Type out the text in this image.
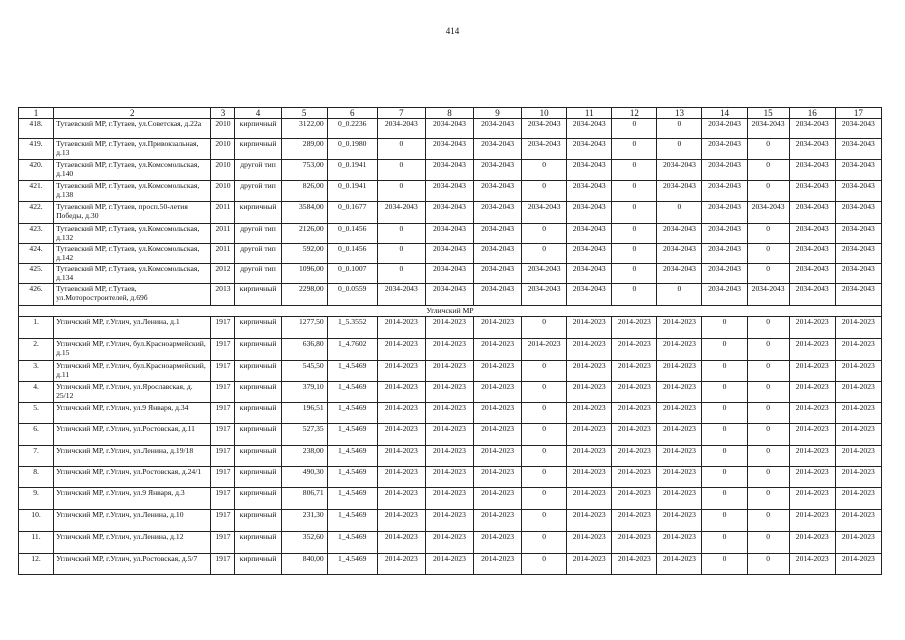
414
1	2	3	4	5	6	7	8	9	10	11	12	13	14	15	16	17
418.	Тутаевский МР, г.Тутаев, ул.Советская, д.22а	2010	кирпичный	3122,00	0_0.2236	2034-2043	2034-2043	2034-2043	2034-2043	2034-2043	0	0	2034-2043	2034-2043	2034-2043	2034-2043
419.	Тутаевский МР, г.Тутаев, ул.Привокзальная, д.13	2010	кирпичный	289,00	0_0.1980	0	2034-2043	2034-2043	2034-2043	2034-2043	0	0	2034-2043	0	2034-2043	2034-2043
420.	Тутаевский МР, г.Тутаев, ул.Комсомольская, д.140	2010	другой тип	753,00	0_0.1941	0	2034-2043	2034-2043	0	2034-2043	0	2034-2043	2034-2043	0	2034-2043	2034-2043
421.	Тутаевский МР, г.Тутаев, ул.Комсомольская, д.138	2010	другой тип	826,00	0_0.1941	0	2034-2043	2034-2043	0	2034-2043	0	2034-2043	2034-2043	0	2034-2043	2034-2043
422.	Тутаевский МР, г.Тутаев, просп.50-летия Победы, д.30	2011	кирпичный	3584,00	0_0.1677	2034-2043	2034-2043	2034-2043	2034-2043	2034-2043	0	0	2034-2043	2034-2043	2034-2043	2034-2043
423.	Тутаевский МР, г.Тутаев, ул.Комсомольская, д.132	2011	другой тип	2126,00	0_0.1456	0	2034-2043	2034-2043	0	2034-2043	0	2034-2043	2034-2043	0	2034-2043	2034-2043
424.	Тутаевский МР, г.Тутаев, ул.Комсомольская, д.142	2011	другой тип	592,00	0_0.1456	0	2034-2043	2034-2043	0	2034-2043	0	2034-2043	2034-2043	0	2034-2043	2034-2043
425.	Тутаевский МР, г.Тутаев, ул.Комсомольская, д.134	2012	другой тип	1096,00	0_0.1007	0	2034-2043	2034-2043	2034-2043	2034-2043	0	2034-2043	2034-2043	0	2034-2043	2034-2043
426.	Тутаевский МР, г.Тутаев, ул.Моторостроителей, д.69б	2013	кирпичный	2298,00	0_0.0559	2034-2043	2034-2043	2034-2043	2034-2043	2034-2043	0	0	2034-2043	2034-2043	2034-2043	2034-2043
Угличский МР																
1.	Угличский МР, г.Углич, ул.Ленина, д.1	1917	кирпичный	1277,50	1_5.3552	2014-2023	2014-2023	2014-2023	0	2014-2023	2014-2023	2014-2023	0	0	2014-2023	2014-2023
2.	Угличский МР, г.Углич, бул.Красноармейский, д.15	1917	кирпичный	636,80	1_4.7602	2014-2023	2014-2023	2014-2023	2014-2023	2014-2023	2014-2023	2014-2023	0	0	2014-2023	2014-2023
3.	Угличский МР, г.Углич, бул.Красноармейский, д.11	1917	кирпичный	545,50	1_4.5469	2014-2023	2014-2023	2014-2023	0	2014-2023	2014-2023	2014-2023	0	0	2014-2023	2014-2023
4.	Угличский МР, г.Углич, ул.Ярославская, д. 25/12	1917	кирпичный	379,10	1_4.5469	2014-2023	2014-2023	2014-2023	0	2014-2023	2014-2023	2014-2023	0	0	2014-2023	2014-2023
5.	Угличский МР, г.Углич, ул.9 Января, д.34	1917	кирпичный	196,51	1_4.5469	2014-2023	2014-2023	2014-2023	0	2014-2023	2014-2023	2014-2023	0	0	2014-2023	2014-2023
6.	Угличский МР, г.Углич, ул.Ростовская, д.11	1917	кирпичный	527,35	1_4.5469	2014-2023	2014-2023	2014-2023	0	2014-2023	2014-2023	2014-2023	0	0	2014-2023	2014-2023
7.	Угличский МР, г.Углич, ул.Ленина, д.19/18	1917	кирпичный	238,00	1_4.5469	2014-2023	2014-2023	2014-2023	0	2014-2023	2014-2023	2014-2023	0	0	2014-2023	2014-2023
8.	Угличский МР, г.Углич, ул.Ростовская, д.24/1	1917	кирпичный	490,30	1_4.5469	2014-2023	2014-2023	2014-2023	0	2014-2023	2014-2023	2014-2023	0	0	2014-2023	2014-2023
9.	Угличский МР, г.Углич, ул.9 Января, д.3	1917	кирпичный	806,71	1_4.5469	2014-2023	2014-2023	2014-2023	0	2014-2023	2014-2023	2014-2023	0	0	2014-2023	2014-2023
10.	Угличский МР, г.Углич, ул.Ленина, д.10	1917	кирпичный	231,30	1_4.5469	2014-2023	2014-2023	2014-2023	0	2014-2023	2014-2023	2014-2023	0	0	2014-2023	2014-2023
11.	Угличский МР, г.Углич, ул.Ленина, д.12	1917	кирпичный	352,60	1_4.5469	2014-2023	2014-2023	2014-2023	0	2014-2023	2014-2023	2014-2023	0	0	2014-2023	2014-2023
12.	Угличский МР, г.Углич, ул.Ростовская, д.5/7	1917	кирпичный	840,00	1_4.5469	2014-2023	2014-2023	2014-2023	0	2014-2023	2014-2023	2014-2023	0	0	2014-2023	2014-2023
